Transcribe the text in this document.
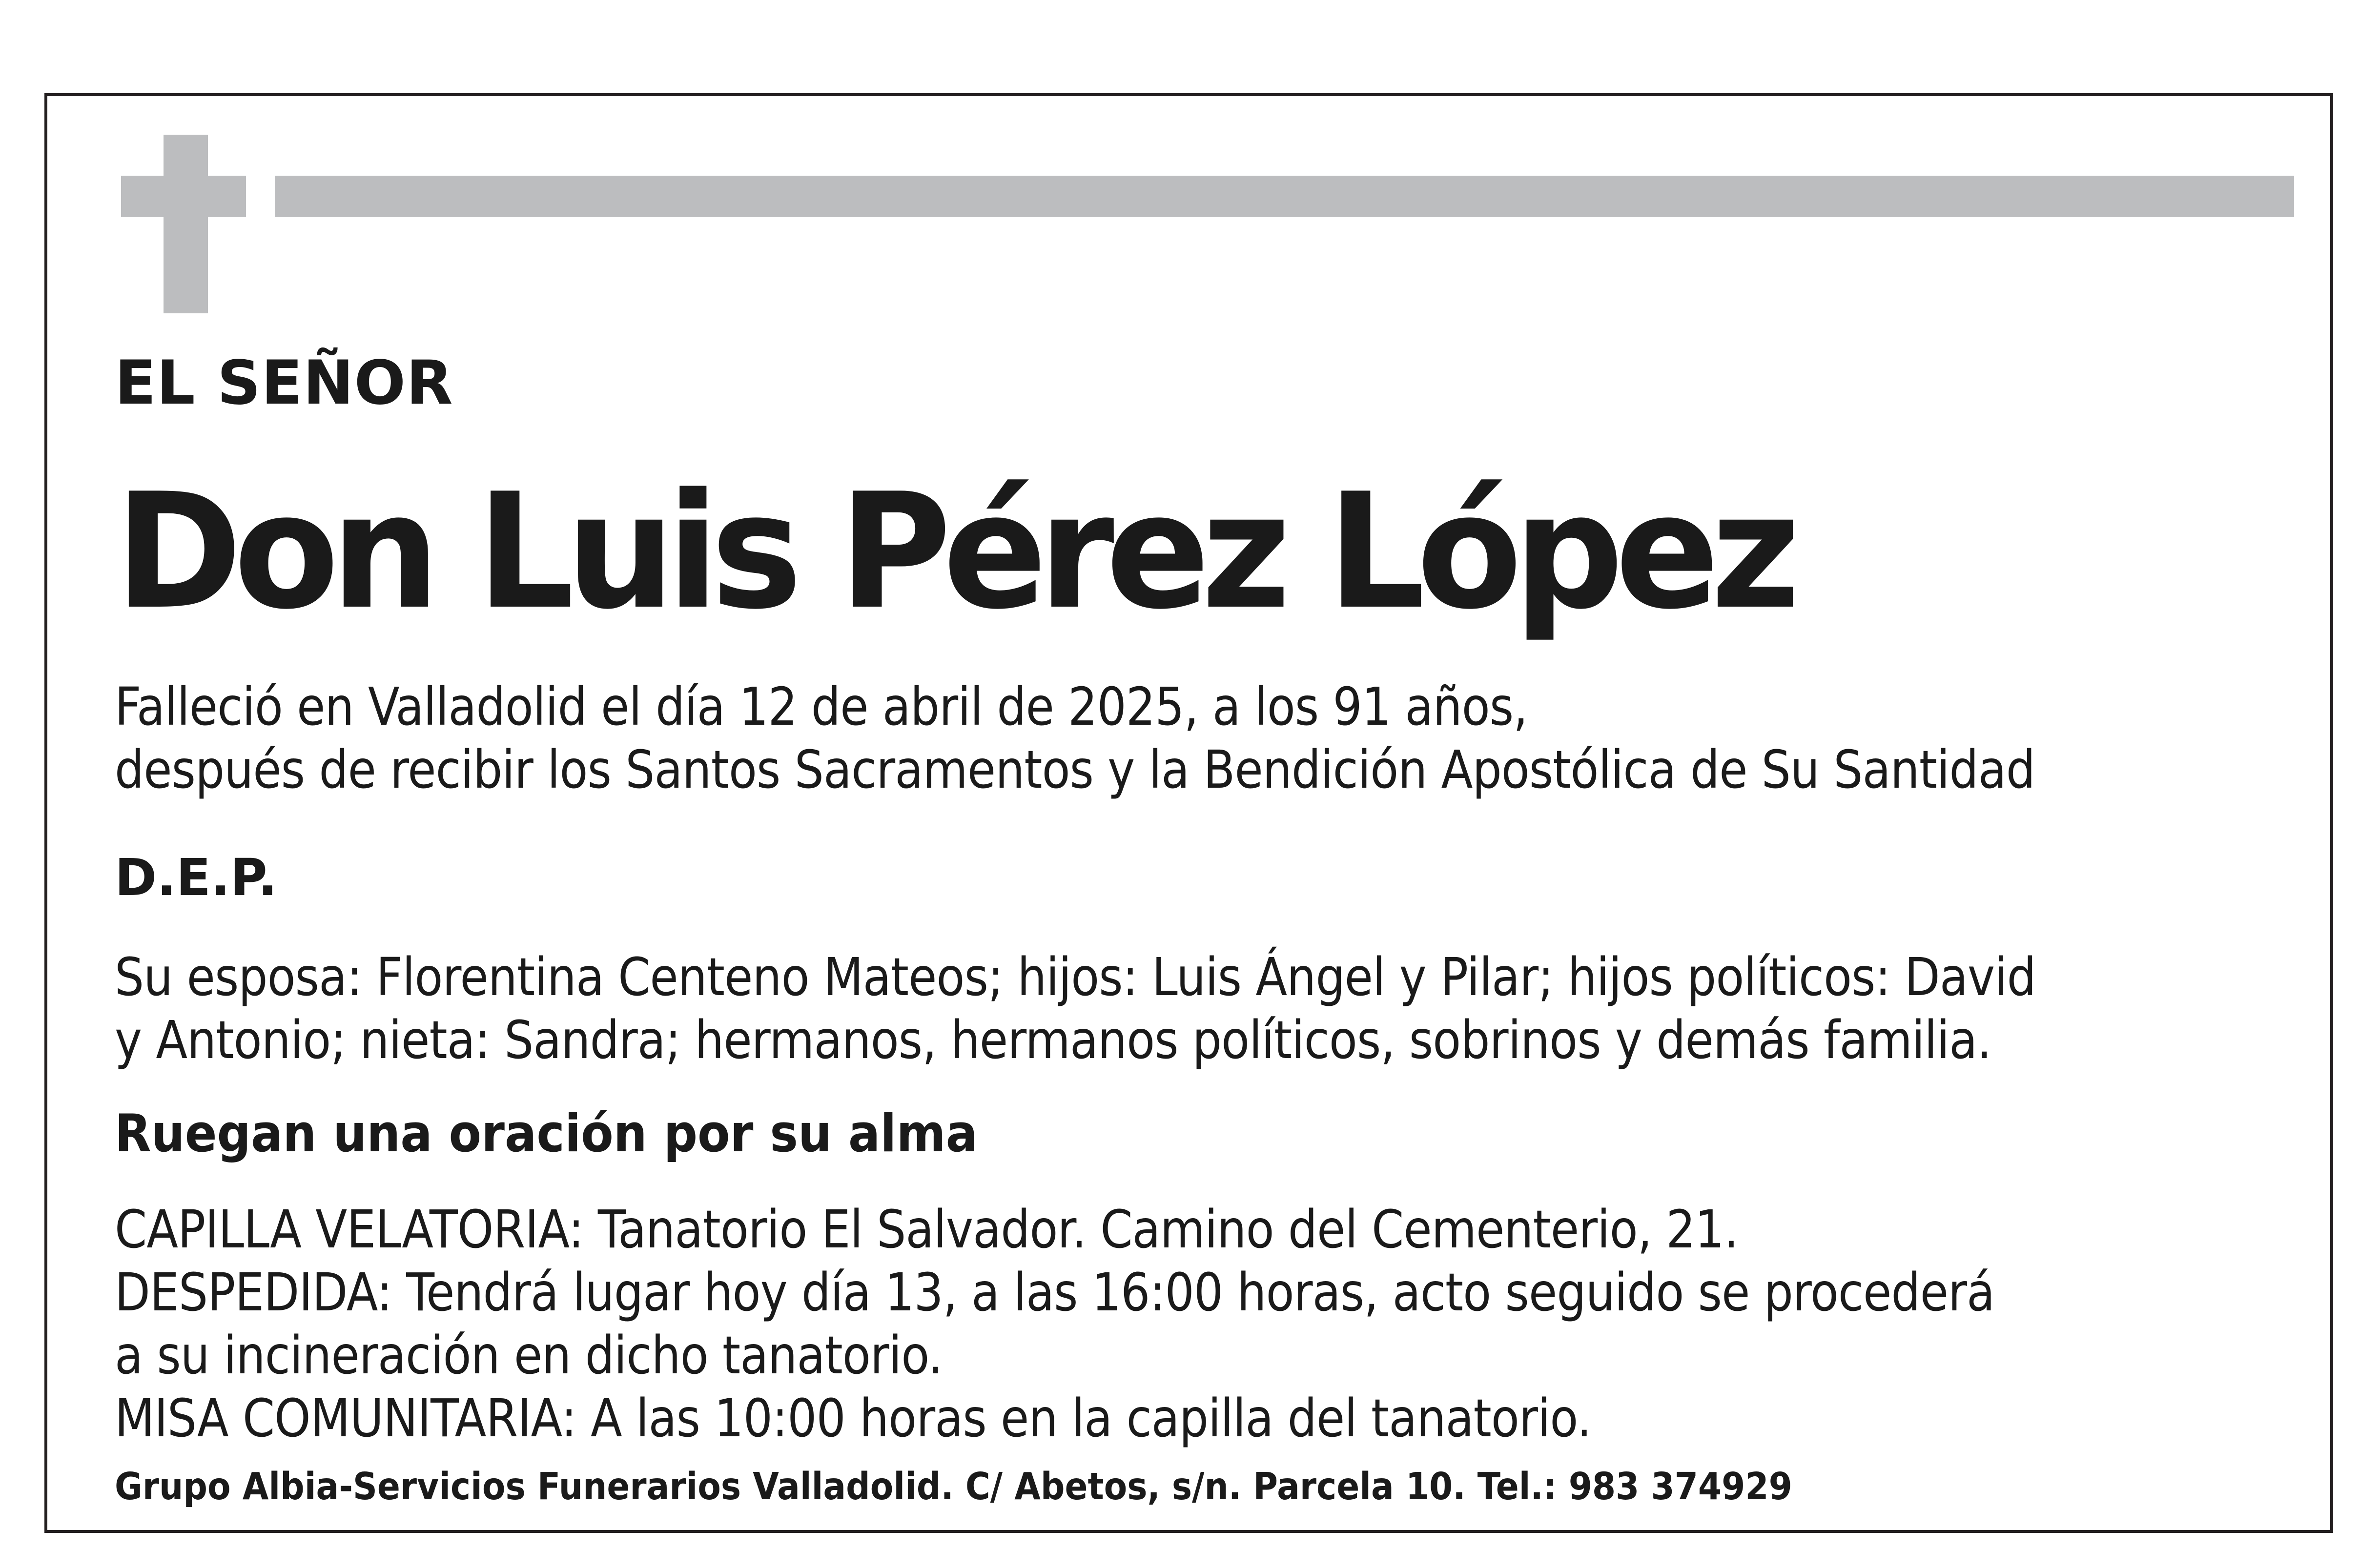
EL SEÑOR

Don Luis Pérez López

Falleció en Valladolid el día 12 de abril de 2025, a los 91 años,

después de recibir los Santos Sacramentos y la Bendición Apostólica de Su Santidad

D.E.P.

Su esposa: Florentina Centeno Mateos; hijos: Luis Ángel y Pilar; hijos políticos: David

y Antonio; nieta: Sandra; hermanos, hermanos políticos, sobrinos y demás familia.

Ruegan una oración por su alma

CAPILLA VELATORIA: Tanatorio El Salvador. Camino del Cementerio, 21.

DESPEDIDA: Tendrá lugar hoy día 13, a las 16:00 horas, acto seguido se procederá

a su incineración en dicho tanatorio.

MISA COMUNITARIA: A las 10:00 horas en la capilla del tanatorio.

Grupo Albia-Servicios Funerarios Valladolid. C/ Abetos, s/n. Parcela 10. Tel.: 983 374929
